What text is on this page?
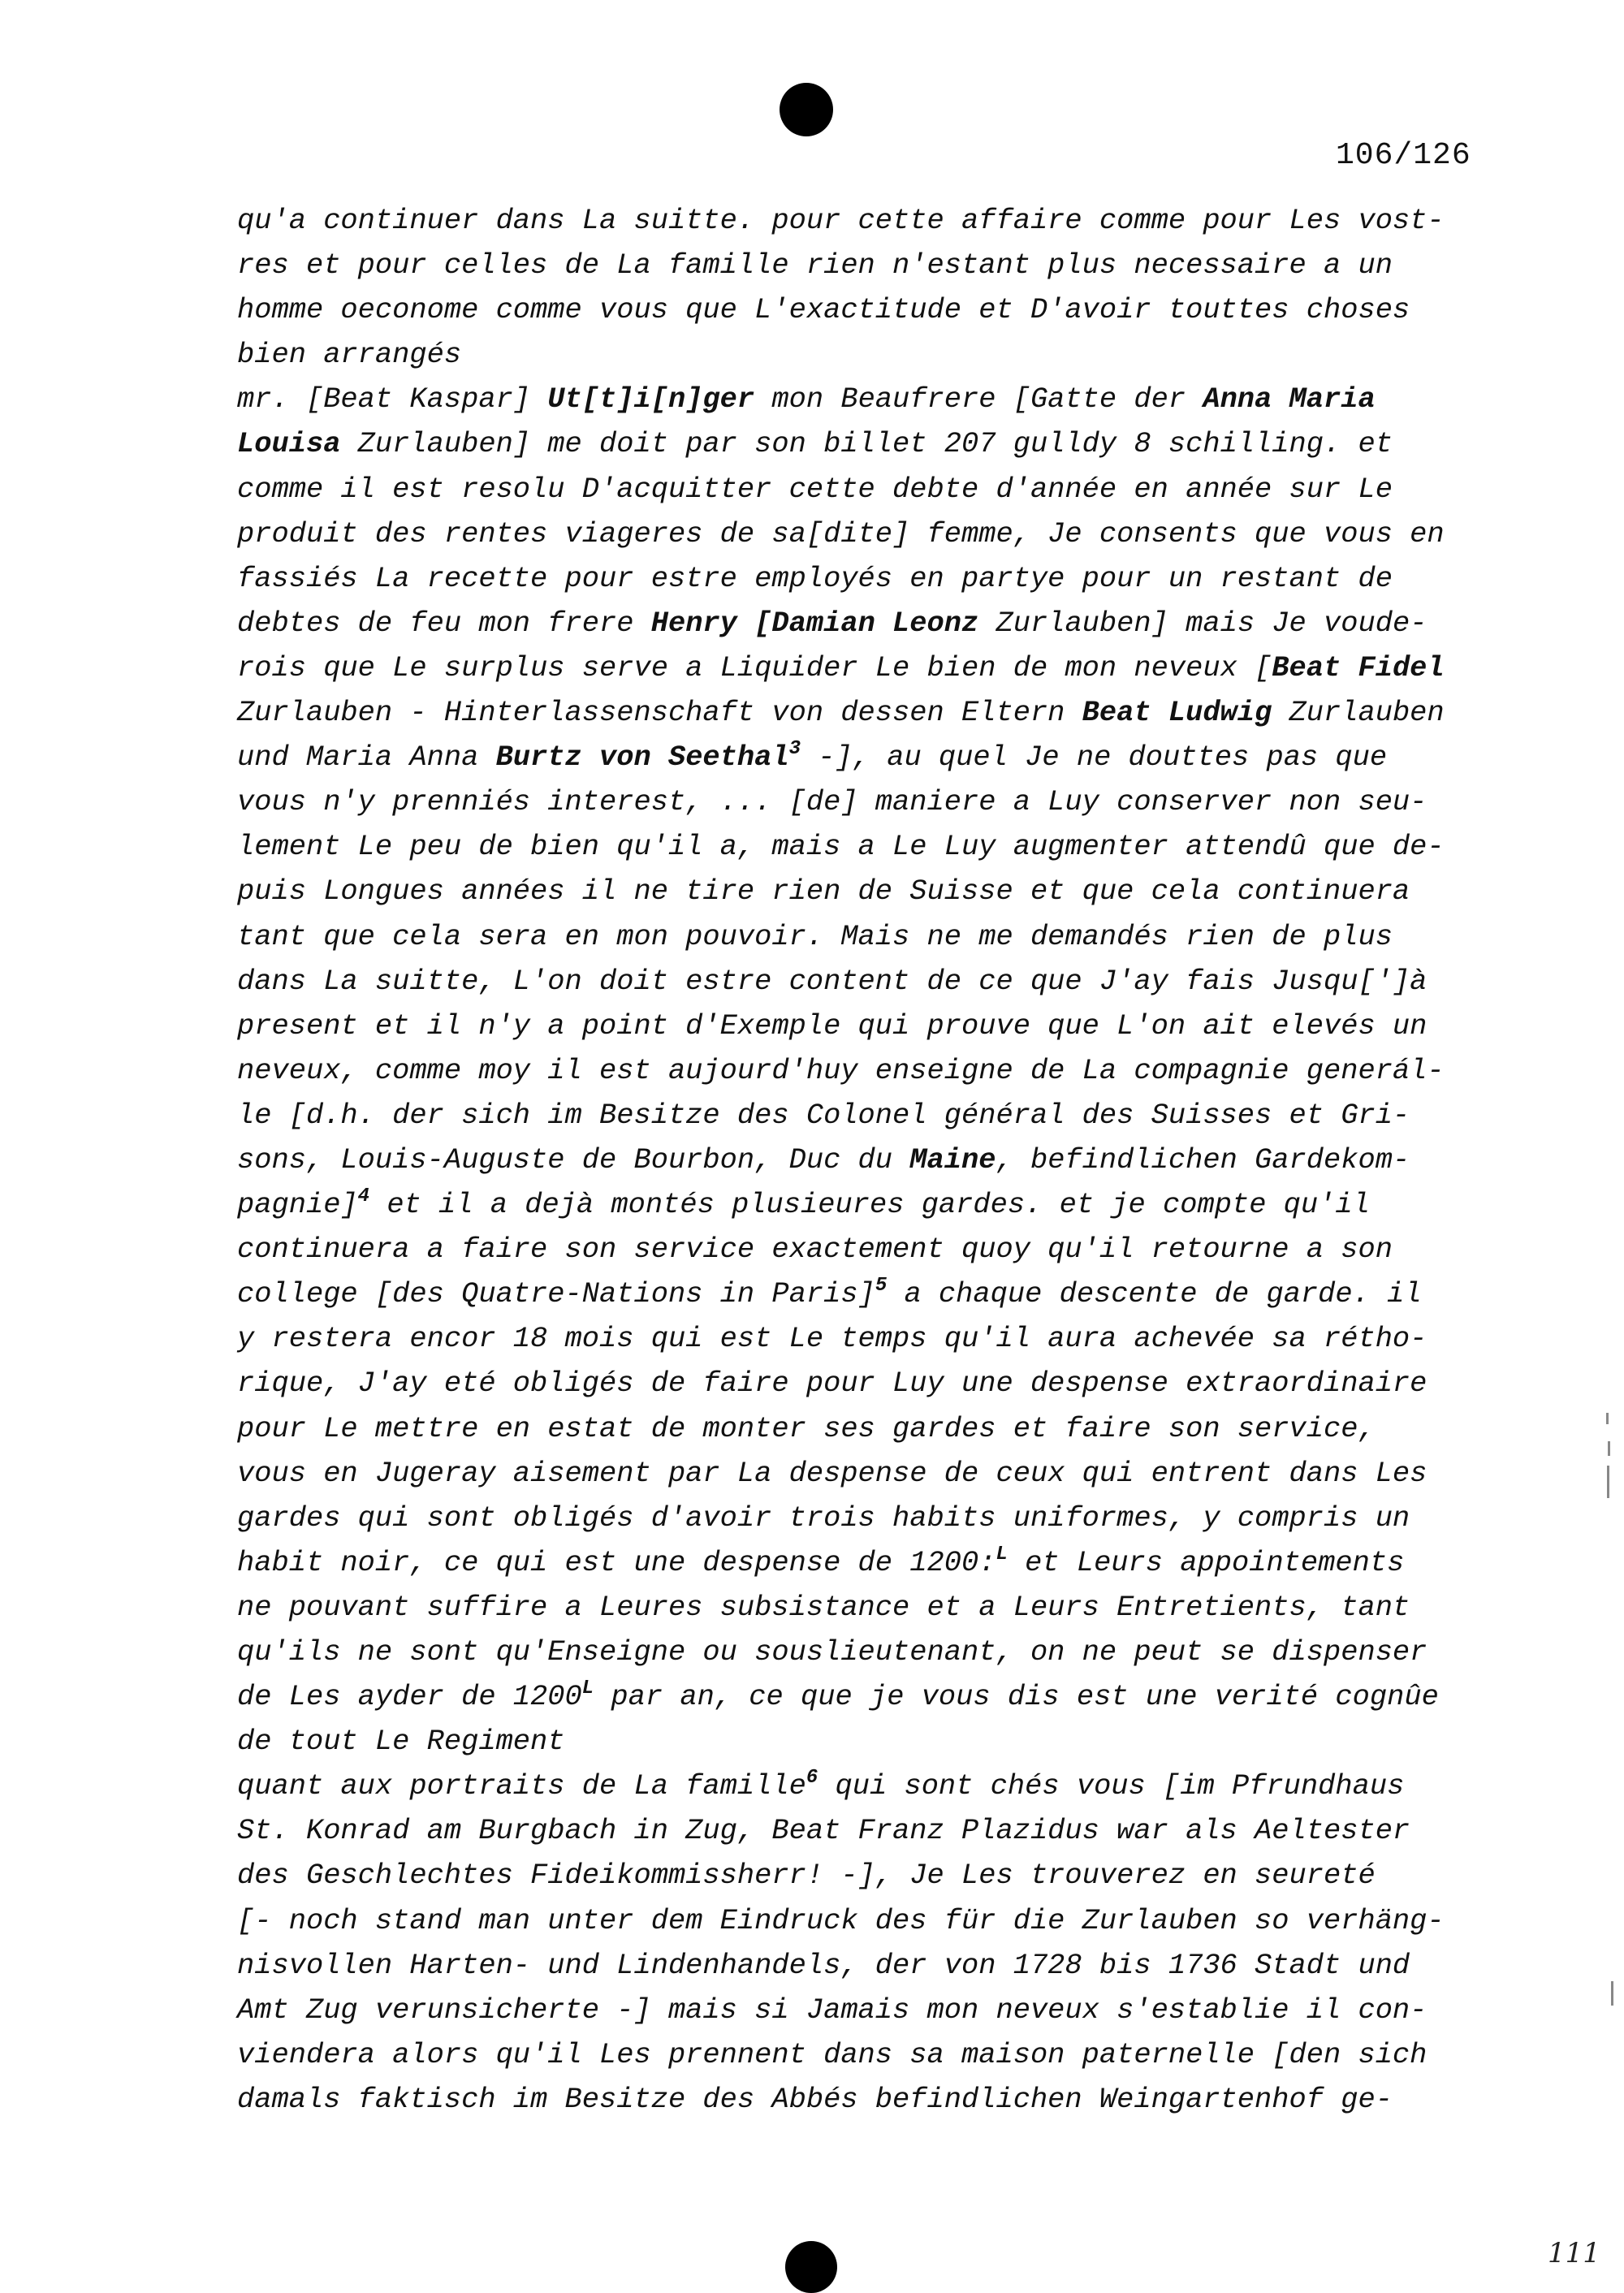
106/126
qu'a continuer dans La suitte. pour cette affaire comme pour Les vost-
res et pour celles de La famille rien n'estant plus necessaire a un
homme oeconome comme vous que L'exactitude et D'avoir touttes choses
bien arrangés
mr. [Beat Kaspar] Ut[t]i[n]ger mon Beaufrere [Gatte der Anna Maria
Louisa Zurlauben] me doit par son billet 207 gulldy 8 schilling. et
comme il est resolu D'acquitter cette debte d'année en année sur Le
produit des rentes viageres de sa[dite] femme, Je consents que vous en
fassiés La recette pour estre employés en partye pour un restant de
debtes de feu mon frere Henry [Damian Leonz Zurlauben] mais Je voude-
rois que Le surplus serve a Liquider Le bien de mon neveux [Beat Fidel
Zurlauben - Hinterlassenschaft von dessen Eltern Beat Ludwig Zurlauben
und Maria Anna Burtz von Seethal$^3$ -], au quel Je ne douttes pas que
vous n'y prenniés interest, ... [de] maniere a Luy conserver non seu-
lement Le peu de bien qu'il a, mais a Le Luy augmenter attendû que de-
puis Longues années il ne tire rien de Suisse et que cela continuera
tant que cela sera en mon pouvoir. Mais ne me demandés rien de plus
dans La suitte, L'on doit estre content de ce que J'ay fais Jusqu[']à
present et il n'y a point d'Exemple qui prouve que L'on ait elevés un
neveux, comme moy il est aujourd'huy enseigne de La compagnie generál-
le [d.h. der sich im Besitze des Colonel général des Suisses et Gri-
sons, Louis-Auguste de Bourbon, Duc du Maine, befindlichen Gardekom-
pagnie]$^4$ et il a dejà montés plusieures gardes. et je compte qu'il
continuera a faire son service exactement quoy qu'il retourne a son
college [des Quatre-Nations in Paris]$^5$ a chaque descente de garde. il
y restera encor 18 mois qui est Le temps qu'il aura achevée sa rétho-
rique, J'ay eté obligés de faire pour Luy une despense extraordinaire
pour Le mettre en estat de monter ses gardes et faire son service,
vous en Jugeray aisement par La despense de ceux qui entrent dans Les
gardes qui sont obligés d'avoir trois habits uniformes, y compris un
habit noir, ce qui est une despense de 1200:$^L$ et Leurs appointements
ne pouvant suffire a Leures subsistance et a Leurs Entretients, tant
qu'ils ne sont qu'Enseigne ou souslieutenant, on ne peut se dispenser
de Les ayder de $1200^L$ par an, ce que je vous dis est une verité cognûe
de tout Le Regiment
quant aux portraits de La famille$^6$ qui sont chés vous [im Pfrundhaus
St. Konrad am Burgbach in Zug, Beat Franz Plazidus war als Aeltester
des Geschlechtes Fideikommissherr! -], Je Les trouverez en seureté
[- noch stand man unter dem Eindruck des für die Zurlauben so verhäng-
nisvollen Harten- und Lindenhandels, der von 1728 bis 1736 Stadt und
Amt Zug verunsicherte -] mais si Jamais mon neveux s'establie il con-
viendera alors qu'il Les prennent dans sa maison paternelle [den sich
damals faktisch im Besitze des Abbés befindlichen Weingartenhof ge-
111
